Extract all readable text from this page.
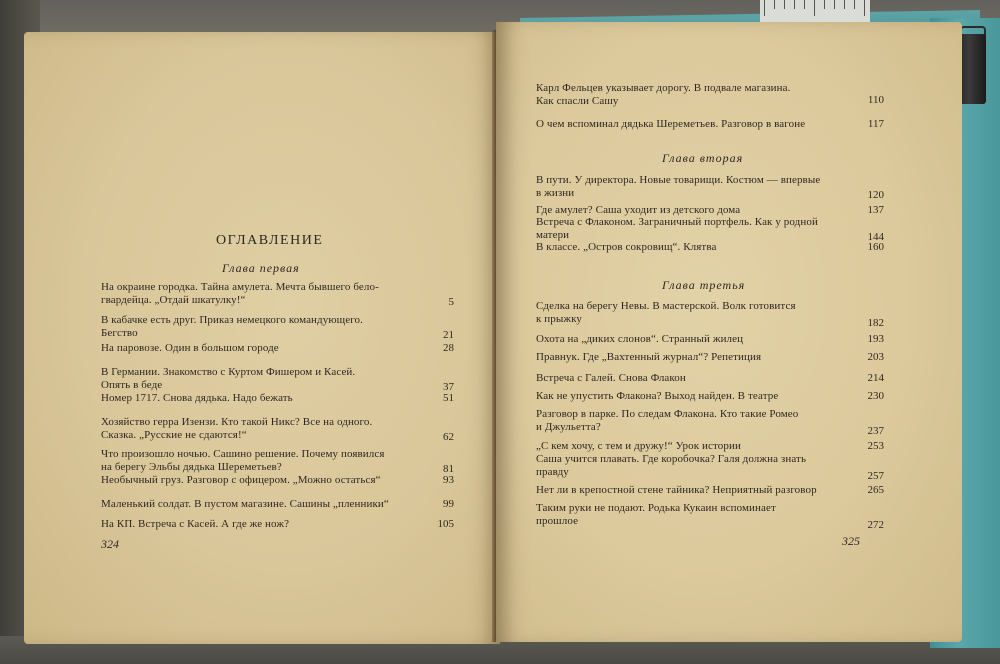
ОГЛАВЛЕНИЕ
Глава первая
На окраине городка. Тайна амулета. Мечта бывшего бело-
гвардейца. „Отдай шкатулку!“	5
В кабачке есть друг. Приказ немецкого командующего.
Бегство	21
На паровозе. Один в большом городе	28
В Германии. Знакомство с Куртом Фишером и Касей.
Опять в беде	37
Номер 1717. Снова дядька. Надо бежать	51
Хозяйство герра Изензи. Кто такой Никс? Все на одного.
Сказка. „Русские не сдаются!“	62
Что произошло ночью. Сашино решение. Почему появился
на берегу Эльбы дядька Шереметьев?	81
Необычный груз. Разговор с офицером. „Можно остаться“	93
Маленький солдат. В пустом магазине. Сашины „пленники“	99
На КП. Встреча с Касей. А где же нож?	105
324
Карл Фельцев указывает дорогу. В подвале магазина.
Как спасли Сашу	110
О чем вспоминал дядька Шереметьев. Разговор в вагоне	117
Глава вторая
В пути. У директора. Новые товарищи. Костюм — впервые
в жизни	120
Где амулет? Саша уходит из детского дома	137
Встреча с Флаконом. Заграничный портфель. Как у родной
матери	144
В классе. „Остров сокровищ“. Клятва	160
Глава третья
Сделка на берегу Невы. В мастерской. Волк готовится
к прыжку	182
Охота на „диких слонов“. Странный жилец	193
Правнук. Где „Вахтенный журнал“? Репетиция	203
Встреча с Галей. Снова Флакон	214
Как не упустить Флакона? Выход найден. В театре	230
Разговор в парке. По следам Флакона. Кто такие Ромео
и Джульетта?	237
„С кем хочу, с тем и дружу!“ Урок истории	253
Саша учится плавать. Где коробочка? Галя должна знать
правду	257
Нет ли в крепостной стене тайника? Неприятный разговор	265
Таким руки не подают. Родька Кукаин вспоминает
прошлое	272
325
